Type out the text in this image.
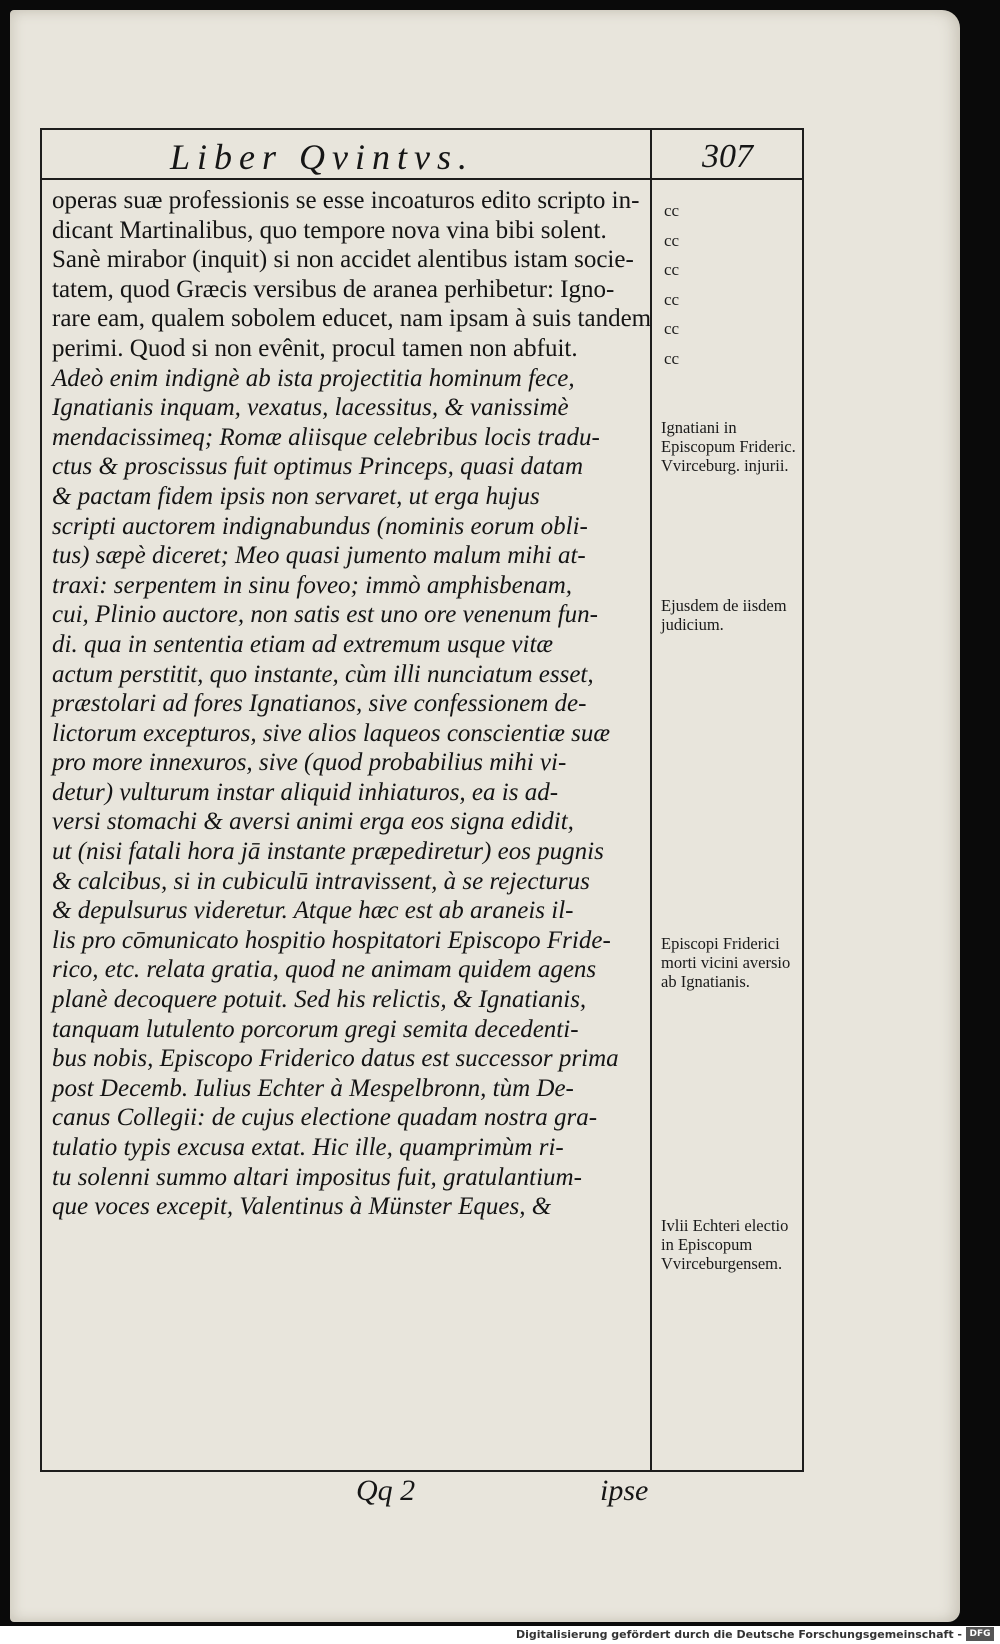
Liber Qvintvs.	307
operas suæ professionis se esse incoaturos edito scripto in-
dicant Martinalibus, quo tempore nova vina bibi solent.
Sanè mirabor (inquit) si non accidet alentibus istam socie-
tatem, quod Græcis versibus de aranea perhibetur: Igno-
rare eam, qualem sobolem educet, nam ipsam à suis tandem
perimi. Quod si non evênit, procul tamen non abfuit.
Adeò enim indignè ab ista projectitia hominum fece,
Ignatianis inquam, vexatus, lacessitus, & vanissimè
mendacissimeq; Romæ aliisque celebribus locis tradu-
ctus & proscissus fuit optimus Princeps, quasi datam
& pactam fidem ipsis non servaret, ut erga hujus
scripti auctorem indignabundus (nominis eorum obli-
tus) sæpè diceret; Meo quasi jumento malum mihi at-
traxi: serpentem in sinu foveo; immò amphisbenam,
cui, Plinio auctore, non satis est uno ore venenum fun-
di. qua in sententia etiam ad extremum usque vitæ
actum perstitit, quo instante, cùm illi nunciatum esset,
præstolari ad fores Ignatianos, sive confessionem de-
lictorum excepturos, sive alios laqueos conscientiæ suæ
pro more innexuros, sive (quod probabilius mihi vi-
detur) vulturum instar aliquid inhiaturos, ea is ad-
versi stomachi & aversi animi erga eos signa edidit,
ut (nisi fatali hora jā instante præpediretur) eos pugnis
& calcibus, si in cubiculū intravissent, à se rejecturus
& depulsurus videretur. Atque hæc est ab araneis il-
lis pro cōmunicato hospitio hospitatori Episcopo Fride-
rico, etc. relata gratia, quod ne animam quidem agens
planè decoquere potuit. Sed his relictis, & Ignatianis,
tanquam lutulento porcorum gregi semita decedenti-
bus nobis, Episcopo Friderico datus est successor prima
post Decemb. Iulius Echter à Mespelbronn, tùm De-
canus Collegii: de cujus electione quadam nostra gra-
tulatio typis excusa extat. Hic ille, quamprimùm ri-
tu solenni summo altari impositus fuit, gratulantium-
que voces excepit, Valentinus à Münster Eques, &
cc
cc
cc
cc
cc
cc
Ignatiani in Episcopum Frideric. Vvirceburg. injurii.
Ejusdem de iisdem judicium.
Episcopi Friderici morti vicini aversio ab Ignatianis.
Ivlii Echteri electio in Episcopum Vvirceburgensem.
Qq 2	ipse
Digitalisierung gefördert durch die Deutsche Forschungsgemeinschaft - DFG
